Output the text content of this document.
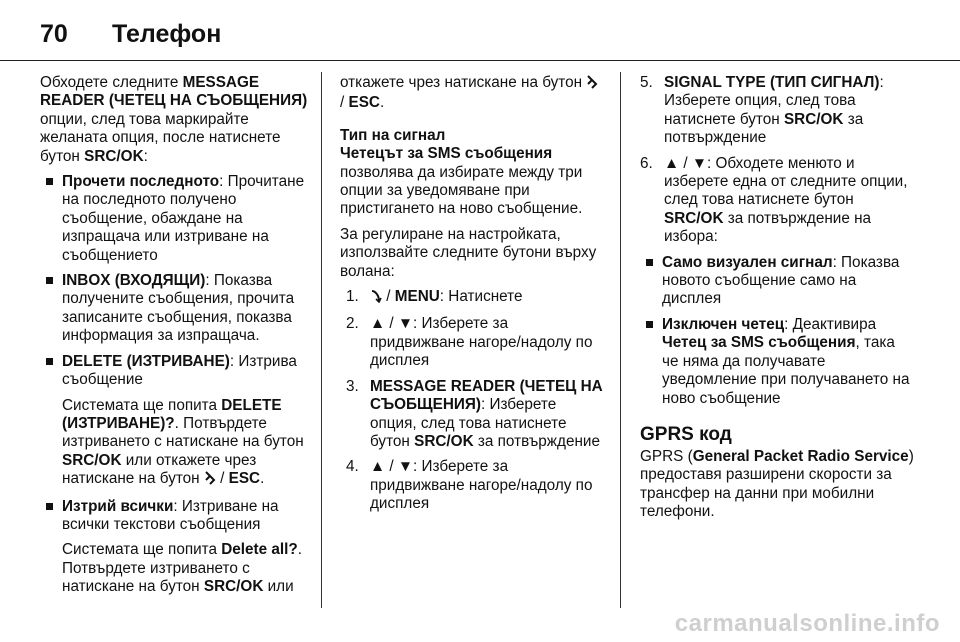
70	Телефон

Обходете следните MESSAGE READER (ЧЕТЕЦ НА СЪОБЩЕНИЯ) опции, след това маркирайте желаната опция, после натиснете бутон SRC/OK:

Прочети последното: Прочитане на последното получено съобщение, обаждане на изпращача или изтриване на съобщението
INBOX (ВХОДЯЩИ): Показва получените съобщения, прочита записаните съобщения, показва информация за изпращача.
DELETE (ИЗТРИВАНЕ): Изтрива съобщение

Системата ще попита DELETE (ИЗТРИВАНЕ)?. Потвърдете изтриването с натискане на бутон SRC/OK или откажете чрез натискане на бутон  / ESC.

Изтрий всички: Изтриване на всички текстови съобщения

Системата ще попита Delete all?. Потвърдете изтриването с натискане на бутон SRC/OK или

откажете чрез натискане на бутон  / ESC.

Тип на сигнал

Четецът за SMS съобщения

позволява да избирате между три опции за уведомяване при пристигането на ново съобщение.

За регулиране на настройката, използвайте следните бутони върху волана:

1. / MENU: Натиснете
2. ▲ / ▼: Изберете за придвижване нагоре/надолу по дисплея
3. MESSAGE READER (ЧЕТЕЦ НА СЪОБЩЕНИЯ): Изберете опция, след това натиснете бутон SRC/OK за потвърждение
4. ▲ / ▼: Изберете за придвижване нагоре/надолу по дисплея
5. SIGNAL TYPE (ТИП СИГНАЛ): Изберете опция, след това натиснете бутон SRC/OK за потвърждение
6. ▲ / ▼: Обходете менюто и изберете една от следните опции, след това натиснете бутон SRC/OK за потвърждение на избора:
Само визуален сигнал: Показва новото съобщение само на дисплея
Изключен четец: Деактивира Четец за SMS съобщения, така че няма да получавате уведомление при получаването на ново съобщение

GPRS код

GPRS (General Packet Radio Service) предоставя разширени скорости за трансфер на данни при мобилни телефони.

carmanualsonline.info
